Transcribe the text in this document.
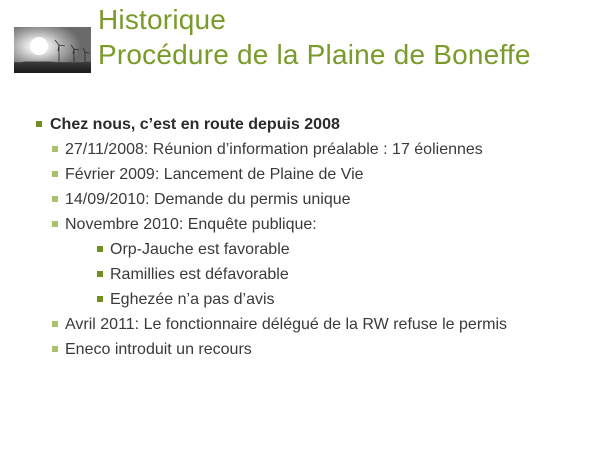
Historique
Procédure de la Plaine de Boneffe
Chez nous, c’est en route depuis 2008
27/11/2008: Réunion d’information préalable : 17 éoliennes
Février 2009: Lancement de Plaine de Vie
14/09/2010: Demande du permis unique
Novembre 2010: Enquête publique:
Orp-Jauche est favorable
Ramillies est défavorable
Eghezée n’a pas d’avis
Avril 2011: Le fonctionnaire délégué de la RW refuse le permis
Eneco introduit un recours
